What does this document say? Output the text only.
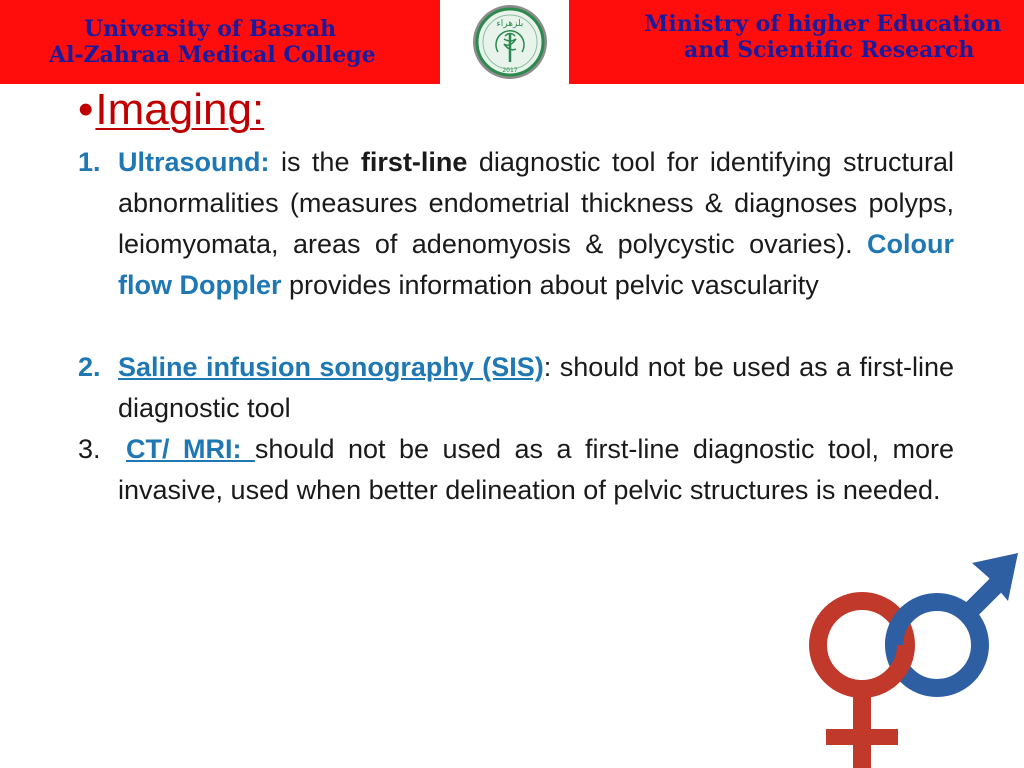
University of Basrah
Al-Zahraa Medical College
بلزهراء
2017
Ministry of higher Education
and Scientific Research
•Imaging:
1. Ultrasound: is the first-line diagnostic tool for identifying structural abnormalities (measures endometrial thickness & diagnoses polyps, leiomyomata, areas of adenomyosis & polycystic ovaries). Colour flow Doppler provides information about pelvic vascularity
2. Saline infusion sonography (SIS): should not be used as a first-line diagnostic tool
3. CT/ MRI: should not be used as a first-line diagnostic tool, more invasive, used when better delineation of pelvic structures is needed.
